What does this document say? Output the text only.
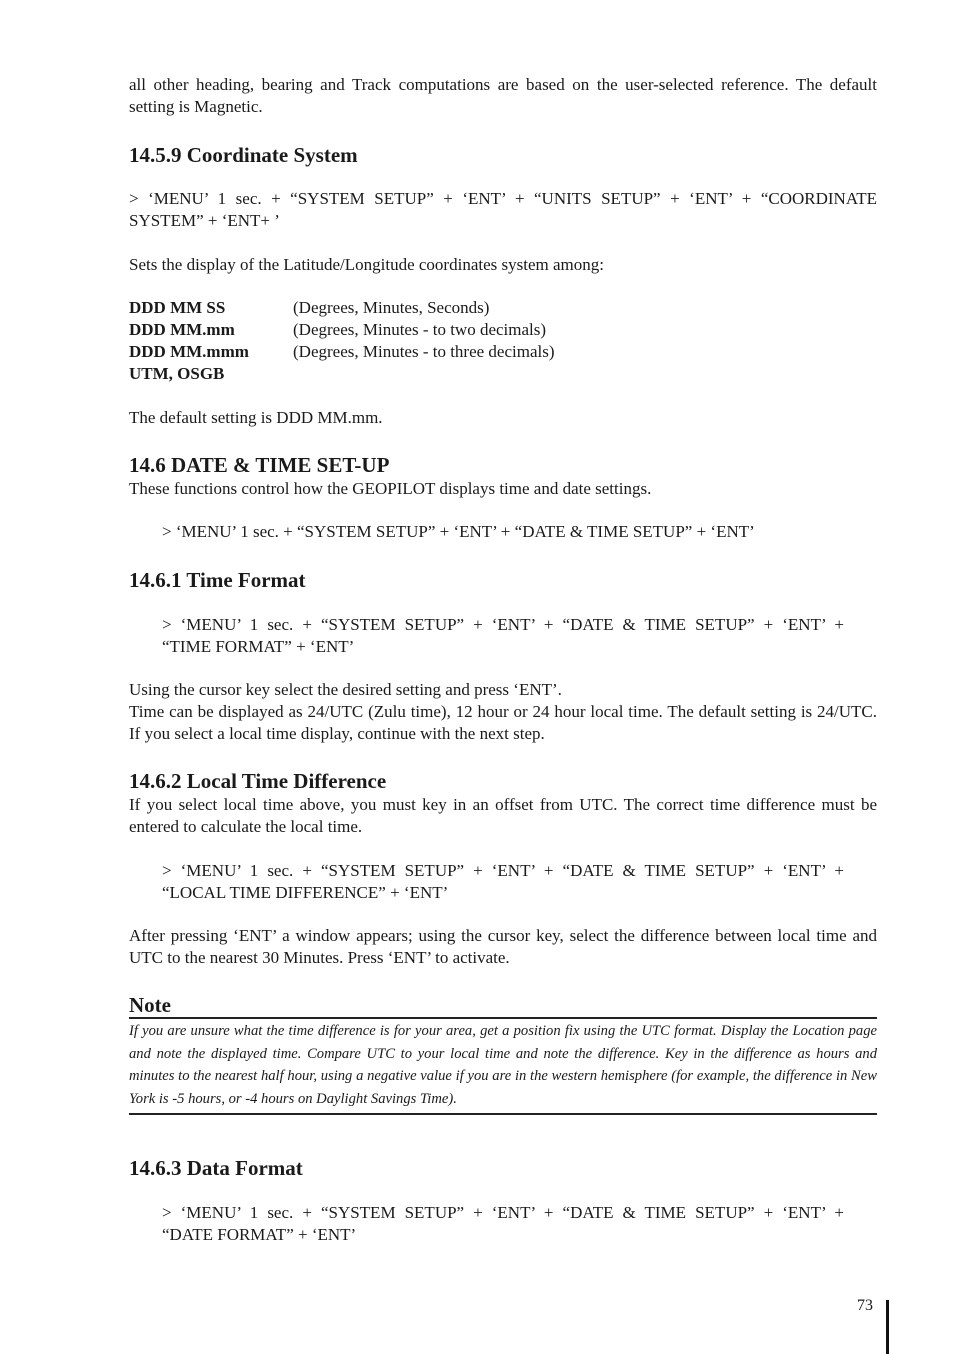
all other heading, bearing and Track computations are based on the user-selected reference. The default setting is Magnetic.

14.5.9 Coordinate System
> ‘MENU’ 1 sec. + “SYSTEM SETUP” + ‘ENT’ + “UNITS SETUP” + ‘ENT’ + “COORDINATE
SYSTEM” + ‘ENT+ ’

Sets the display of the Latitude/Longitude coordinates system among:

DDD MM SS	(Degrees, Minutes, Seconds)
DDD MM.mm	(Degrees, Minutes - to two decimals)
DDD MM.mmm	(Degrees, Minutes - to three decimals)
UTM, OSGB

The default setting is DDD MM.mm.

14.6 DATE & TIME SET-UP

These functions control how the GEOPILOT displays time and date settings.

> ‘MENU’ 1 sec. + “SYSTEM SETUP” + ‘ENT’ + “DATE & TIME SETUP” + ‘ENT’

14.6.1 Time Format
> ‘MENU’ 1 sec. + “SYSTEM SETUP” + ‘ENT’ + “DATE & TIME SETUP” + ‘ENT’ +
“TIME FORMAT” + ‘ENT’

Using the cursor key select the desired setting and press ‘ENT’.

Time can be displayed as 24/UTC (Zulu time), 12 hour or 24 hour local time. The default setting is 24/UTC. If you select a local time display, continue with the next step.

14.6.2 Local Time Difference

If you select local time above, you must key in an offset from UTC. The correct time difference must be entered to calculate the local time.

> ‘MENU’ 1 sec. + “SYSTEM SETUP” + ‘ENT’ + “DATE & TIME SETUP” + ‘ENT’ +
“LOCAL TIME DIFFERENCE” + ‘ENT’

After pressing ‘ENT’ a window appears; using the cursor key, select the difference between local time and UTC to the nearest 30 Minutes. Press ‘ENT’ to activate.

Note

If you are unsure what the time difference is for your area, get a position fix using the UTC format. Display the Location page and note the displayed time. Compare UTC to your local time and note the difference. Key in the difference as hours and minutes to the nearest half hour, using a negative value if you are in the western hemisphere (for example, the difference in New York is -5 hours, or -4 hours on Daylight Savings Time).

14.6.3 Data Format
> ‘MENU’ 1 sec. + “SYSTEM SETUP” + ‘ENT’ + “DATE & TIME SETUP” + ‘ENT’ +
“DATE FORMAT” + ‘ENT’
73
